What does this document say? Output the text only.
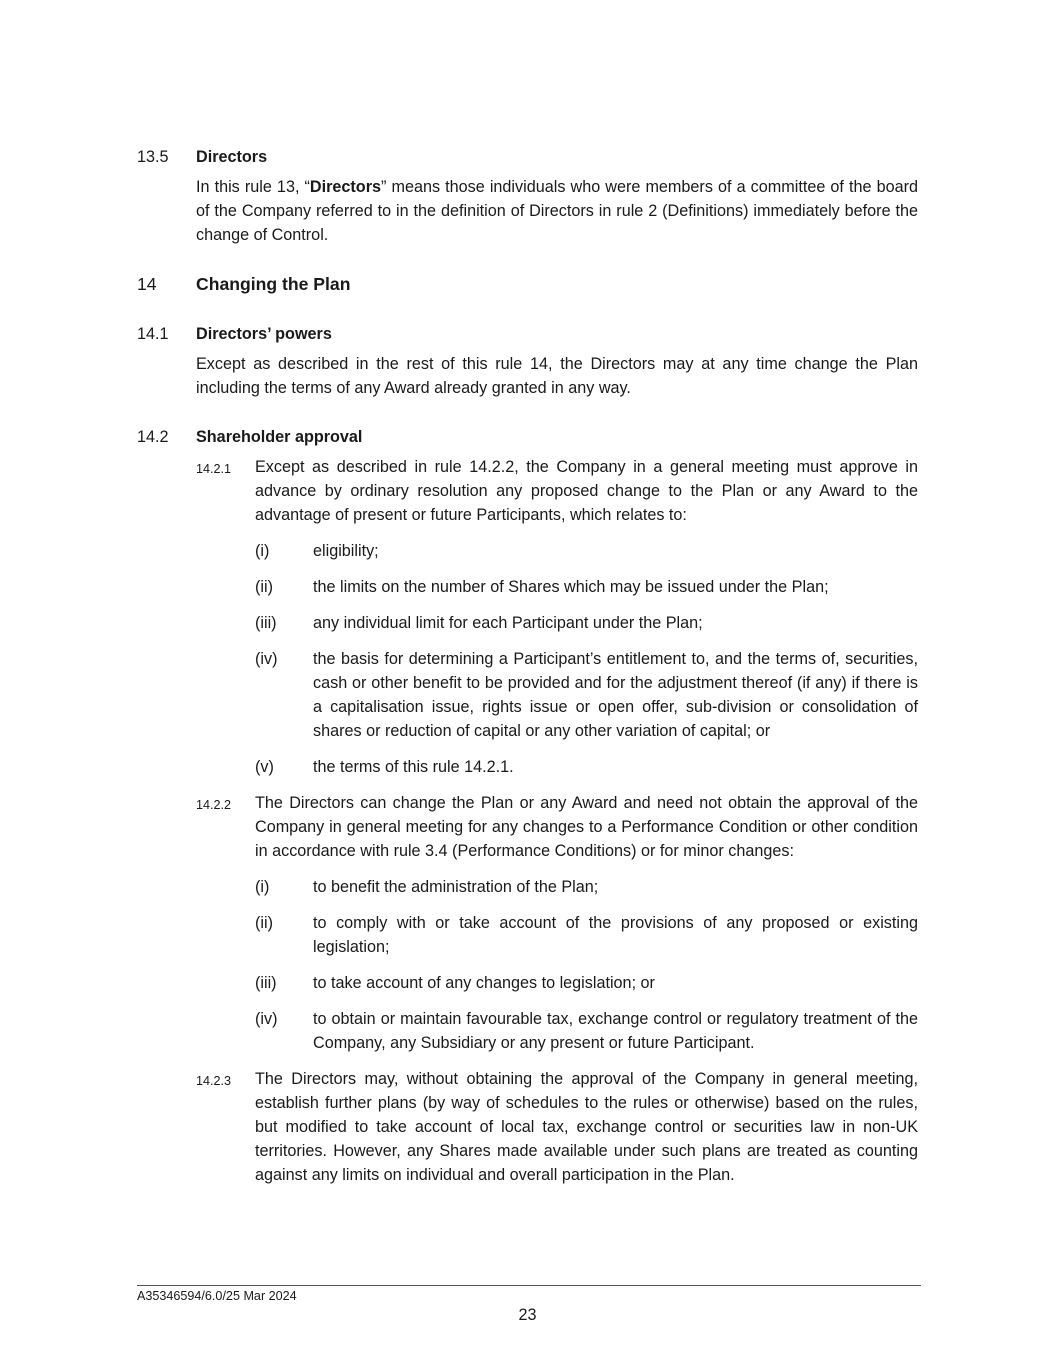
13.5 Directors

In this rule 13, “Directors” means those individuals who were members of a committee of the board of the Company referred to in the definition of Directors in rule 2 (Definitions) immediately before the change of Control.

14 Changing the Plan
14.1 Directors’ powers

Except as described in the rest of this rule 14, the Directors may at any time change the Plan including the terms of any Award already granted in any way.

14.2 Shareholder approval
14.2.1 Except as described in rule 14.2.2, the Company in a general meeting must approve in advance by ordinary resolution any proposed change to the Plan or any Award to the advantage of present or future Participants, which relates to:
(i)	eligibility;
(ii) the limits on the number of Shares which may be issued under the Plan;
(iii) any individual limit for each Participant under the Plan;
(iv) the basis for determining a Participant’s entitlement to, and the terms of, securities, cash or other benefit to be provided and for the adjustment thereof (if any) if there is a capitalisation issue, rights issue or open offer, sub-division or consolidation of shares or reduction of capital or any other variation of capital; or
(v) the terms of this rule 14.2.1.
14.2.2 The Directors can change the Plan or any Award and need not obtain the approval of the Company in general meeting for any changes to a Performance Condition or other condition in accordance with rule 3.4 (Performance Conditions) or for minor changes:
(i)	to benefit the administration of the Plan;
(ii) to comply with or take account of the provisions of any proposed or existing legislation;
(iii) to take account of any changes to legislation; or
(iv) to obtain or maintain favourable tax, exchange control or regulatory treatment of the Company, any Subsidiary or any present or future Participant.
14.2.3 The Directors may, without obtaining the approval of the Company in general meeting, establish further plans (by way of schedules to the rules or otherwise) based on the rules, but modified to take account of local tax, exchange control or securities law in non-UK territories. However, any Shares made available under such plans are treated as counting against any limits on individual and overall participation in the Plan.
A35346594/6.0/25 Mar 2024
23
